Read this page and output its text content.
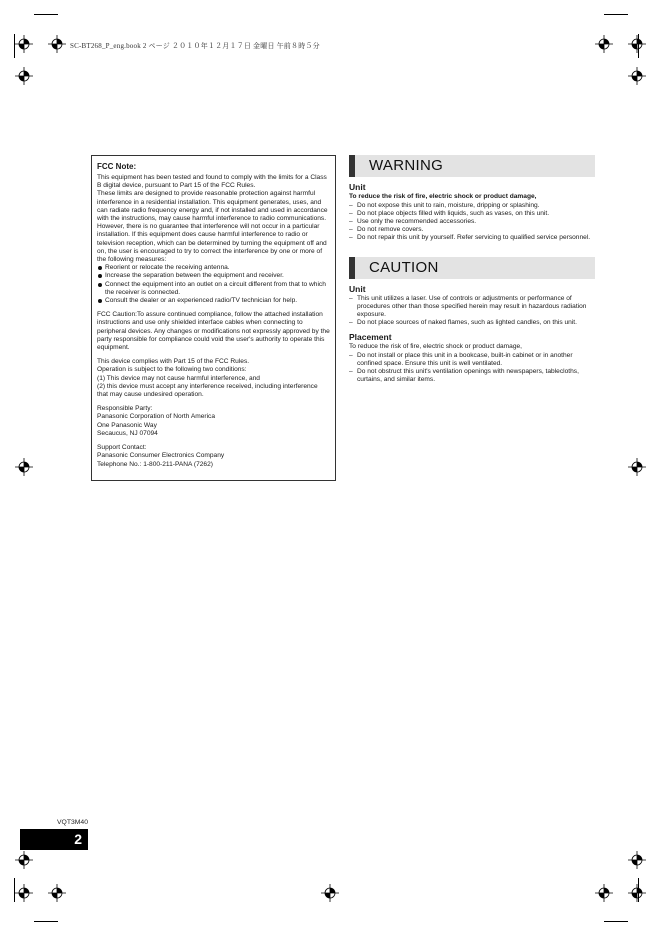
SC-BT268_P_eng.book 2 ページ ２０１０年１２月１７日 金曜日 午前８時５分
FCC Note:

This equipment has been tested and found to comply with the limits for a Class B digital device, pursuant to Part 15 of the FCC Rules.

These limits are designed to provide reasonable protection against harmful interference in a residential installation. This equipment generates, uses, and can radiate radio frequency energy and, if not installed and used in accordance with the instructions, may cause harmful interference to radio communications.

However, there is no guarantee that interference will not occur in a particular installation. If this equipment does cause harmful interference to radio or television reception, which can be determined by turning the equipment off and on, the user is encouraged to try to correct the interference by one or more of the following measures:

Reorient or relocate the receiving antenna.
Increase the separation between the equipment and receiver.
Connect the equipment into an outlet on a circuit different from that to which the receiver is connected.
Consult the dealer or an experienced radio/TV technician for help.

FCC Caution:To assure continued compliance, follow the attached installation instructions and use only shielded interface cables when connecting to peripheral devices. Any changes or modifications not expressly approved by the party responsible for compliance could void the user's authority to operate this equipment.

This device complies with Part 15 of the FCC Rules.

Operation is subject to the following two conditions:

(1) This device may not cause harmful interference, and

(2) this device must accept any interference received, including interference that may cause undesired operation.

Responsible Party:

Panasonic Corporation of North America

One Panasonic Way

Secaucus, NJ 07094

Support Contact:

Panasonic Consumer Electronics Company

Telephone No.: 1-800-211-PANA (7262)

WARNING
Unit
To reduce the risk of fire, electric shock or product damage,
– Do not expose this unit to rain, moisture, dripping or splashing.
– Do not place objects filled with liquids, such as vases, on this unit.
– Use only the recommended accessories.
– Do not remove covers.
– Do not repair this unit by yourself. Refer servicing to qualified service personnel.
CAUTION
Unit
– This unit utilizes a laser. Use of controls or adjustments or performance of procedures other than those specified herein may result in hazardous radiation exposure.
– Do not place sources of naked flames, such as lighted candles, on this unit.
Placement
To reduce the risk of fire, electric shock or product damage,
– Do not install or place this unit in a bookcase, built-in cabinet or in another confined space. Ensure this unit is well ventilated.
– Do not obstruct this unit's ventilation openings with newspapers, tablecloths, curtains, and similar items.
VQT3M40
2
